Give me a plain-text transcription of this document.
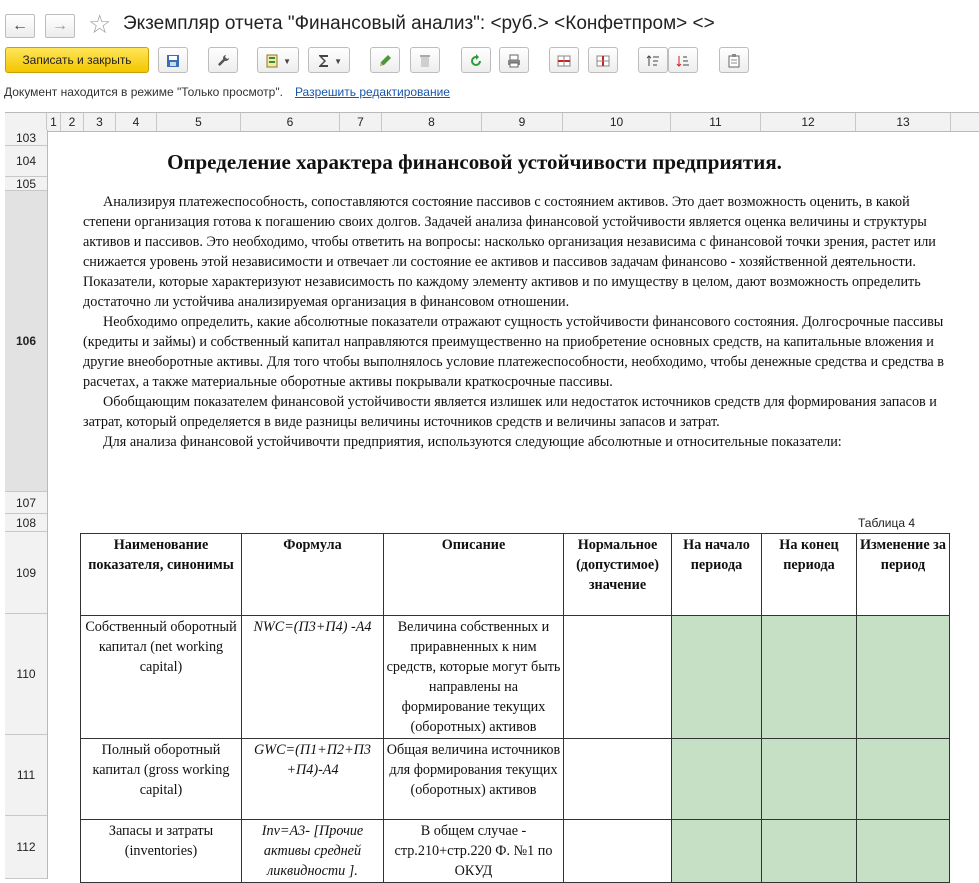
←	→ ☆ Экземпляр отчета "Финансовый анализ": <руб.> <Конфетпром> <>
Записать и закрыть	▼	▼
Документ находится в режиме "Только просмотр". Разрешить редактирование
1 2	3	4	5	6	7	8	9	10	11	12	13
103
104
105
106
107
108
109
110
111
112
Определение характера финансовой устойчивости предприятия.

Анализируя платежеспособность, сопоставляются состояние пассивов с состоянием активов. Это дает возможность оценить, в какой степени организация готова к погашению своих долгов. Задачей анализа финансовой устойчивости является оценка величины и структуры активов и пассивов. Это необходимо, чтобы ответить на вопросы: насколько организация независима с финансовой точки зрения, растет или снижается уровень этой независимости и отвечает ли состояние ее активов и пассивов задачам финансово - хозяйственной деятельности. Показатели, которые характеризуют независимость по каждому элементу активов и по имуществу в целом, дают возможность определить достаточно ли устойчива анализируемая организация в финансовом отношении.

Необходимо определить, какие абсолютные показатели отражают сущность устойчивости финансового состояния. Долгосрочные пассивы (кредиты и займы) и собственный капитал направляются преимущественно на приобретение основных средств, на капитальные вложения и другие внеоборотные активы. Для того чтобы выполнялось условие платежеспособности, необходимо, чтобы денежные средства и средства в расчетах, а также материальные оборотные активы покрывали краткосрочные пассивы.

Обобщающим показателем финансовой устойчивости является излишек или недостаток источников средств для формирования запасов и затрат, который определяется в виде разницы величины источников средств и величины запасов и затрат.

Для анализа финансовой устойчивочти предприятия, используются следующие абсолютные и относительные показатели:

Таблица 4
Наименование показателя, синонимы	Формула	Описание	Нормальное (допустимое) значение	На начало периода	На конец периода	Изменение за период
Собственный оборотный капитал (net working capital)	NWC=(П3+П4) -А4	Величина собственных и приравненных к ним средств, которые могут быть направлены на формирование текущих (оборотных) активов				
Полный оборотный капитал (gross working capital)	GWC=(П1+П2+П3 +П4)-А4	Общая величина источников для формирования текущих (оборотных) активов				
Запасы и затраты (inventories)	Inv=А3- [Прочие активы средней ликвидности ].	В общем случае - стр.210+стр.220 Ф. №1 по ОКУД				
